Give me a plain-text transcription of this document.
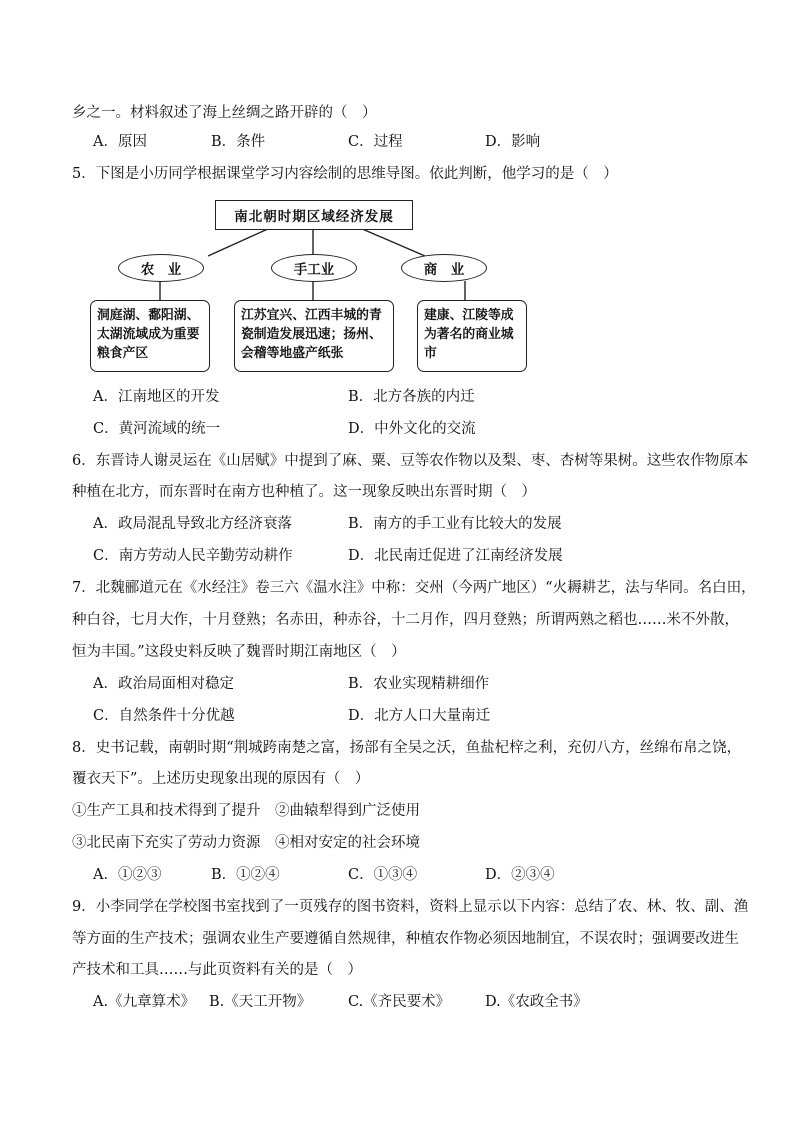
乡之一。材料叙述了海上丝绸之路开辟的（　）
A．原因	B．条件	C．过程	D．影响
5．下图是小历同学根据课堂学习内容绘制的思维导图。依此判断，他学习的是（　）
南北朝时期区域经济发展
农　业	手工业	商　业
洞庭湖、鄱阳湖、太湖流域成为重要粮食产区
江苏宜兴、江西丰城的青瓷制造发展迅速；扬州、会稽等地盛产纸张
建康、江陵等成为著名的商业城市
A．江南地区的开发	B．北方各族的内迁
C．黄河流域的统一	D．中外文化的交流
6．东晋诗人谢灵运在《山居赋》中提到了麻、粟、豆等农作物以及梨、枣、杏树等果树。这些农作物原本
种植在北方，而东晋时在南方也种植了。这一现象反映出东晋时期（　）
A．政局混乱导致北方经济衰落	B．南方的手工业有比较大的发展
C．南方劳动人民辛勤劳动耕作	D．北民南迁促进了江南经济发展
7．北魏郦道元在《水经注》卷三六《温水注》中称：交州（今两广地区）“火耨耕艺，法与华同。名白田，
种白谷，七月大作，十月登熟；名赤田，种赤谷，十二月作，四月登熟；所谓两熟之稻也……米不外散，
恒为丰国。”这段史料反映了魏晋时期江南地区（　）
A．政治局面相对稳定	B．农业实现精耕细作
C．自然条件十分优越	D．北方人口大量南迁
8．史书记载，南朝时期“荆城跨南楚之富，扬部有全吴之沃，鱼盐杞梓之利，充仞八方，丝绵布帛之饶，
覆衣天下”。上述历史现象出现的原因有（　）
①生产工具和技术得到了提升　②曲辕犁得到广泛使用
③北民南下充实了劳动力资源　④相对安定的社会环境
A．①②③	B．①②④	C．①③④	D．②③④
9．小李同学在学校图书室找到了一页残存的图书资料，资料上显示以下内容：总结了农、林、牧、副、渔
等方面的生产技术；强调农业生产要遵循自然规律，种植农作物必须因地制宜，不误农时；强调要改进生
产技术和工具……与此页资料有关的是（　）
A.《九章算术》 B.《天工开物》	C.《齐民要术》 D.《农政全书》
